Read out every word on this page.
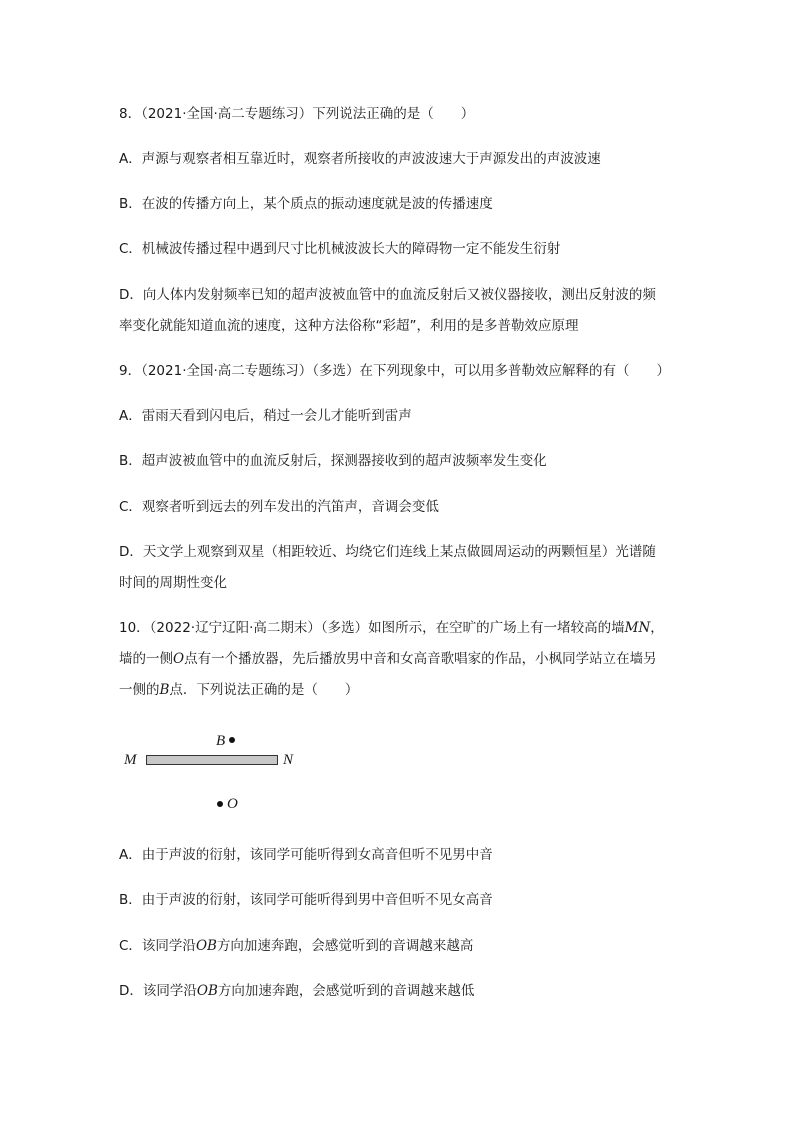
8．（2021·全国·高二专题练习）下列说法正确的是（　　）
A．声源与观察者相互靠近时，观察者所接收的声波波速大于声源发出的声波波速
B．在波的传播方向上，某个质点的振动速度就是波的传播速度
C．机械波传播过程中遇到尺寸比机械波波长大的障碍物一定不能发生衍射
D．向人体内发射频率已知的超声波被血管中的血流反射后又被仪器接收，测出反射波的频
率变化就能知道血流的速度，这种方法俗称“彩超”，利用的是多普勒效应原理
9．（2021·全国·高二专题练习）（多选）在下列现象中，可以用多普勒效应解释的有（　　）
A．雷雨天看到闪电后，稍过一会儿才能听到雷声
B．超声波被血管中的血流反射后，探测器接收到的超声波频率发生变化
C．观察者听到远去的列车发出的汽笛声，音调会变低
D．天文学上观察到双星（相距较近、均绕它们连线上某点做圆周运动的两颗恒星）光谱随
时间的周期性变化
10．（2022·辽宁辽阳·高二期末）（多选）如图所示，在空旷的广场上有一堵较高的墙MN，
墙的一侧O点有一个播放器，先后播放男中音和女高音歌唱家的作品，小枫同学站立在墙另
一侧的B点．下列说法正确的是（　　）
B
M	N
O
A．由于声波的衍射，该同学可能听得到女高音但听不见男中音
B．由于声波的衍射，该同学可能听得到男中音但听不见女高音
C．该同学沿OB方向加速奔跑，会感觉听到的音调越来越高
D．该同学沿OB方向加速奔跑，会感觉听到的音调越来越低
